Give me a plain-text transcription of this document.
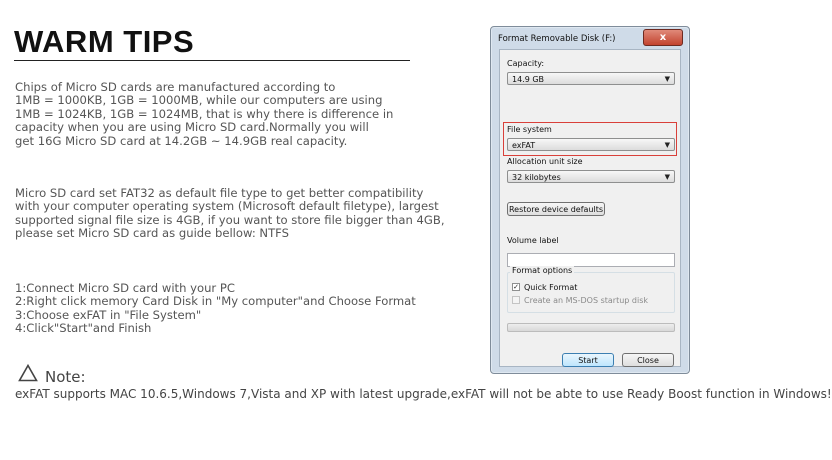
WARM TIPS
Chips of Micro SD cards are manufactured according to
1MB = 1000KB, 1GB = 1000MB, while our computers are using
1MB = 1024KB, 1GB = 1024MB, that is why there is difference in
capacity when you are using Micro SD card.Normally you will
get 16G Micro SD card at 14.2GB ~ 14.9GB real capacity.
Micro SD card set FAT32 as default file type to get better compatibility
with your computer operating system (Microsoft default filetype), largest
supported signal file size is 4GB, if you want to store file bigger than 4GB,
please set Micro SD card as guide bellow: NTFS
1:Connect Micro SD card with your PC
2:Right click memory Card Disk in "My computer"and Choose Format
3:Choose exFAT in "File System"
4:Click"Start"and Finish
Note:
exFAT supports MAC 10.6.5,Windows 7,Vista and XP with latest upgrade,exFAT will not be abte to use Ready Boost function in Windows!
Format Removable Disk (F:)	x
Capacity:
14.9 GB	▼
File system
exFAT	▼
Allocation unit size
32 kilobytes	▼
Restore device defaults
Volume label
Format options
✓ Quick Format
Create an MS-DOS startup disk
Start	Close
